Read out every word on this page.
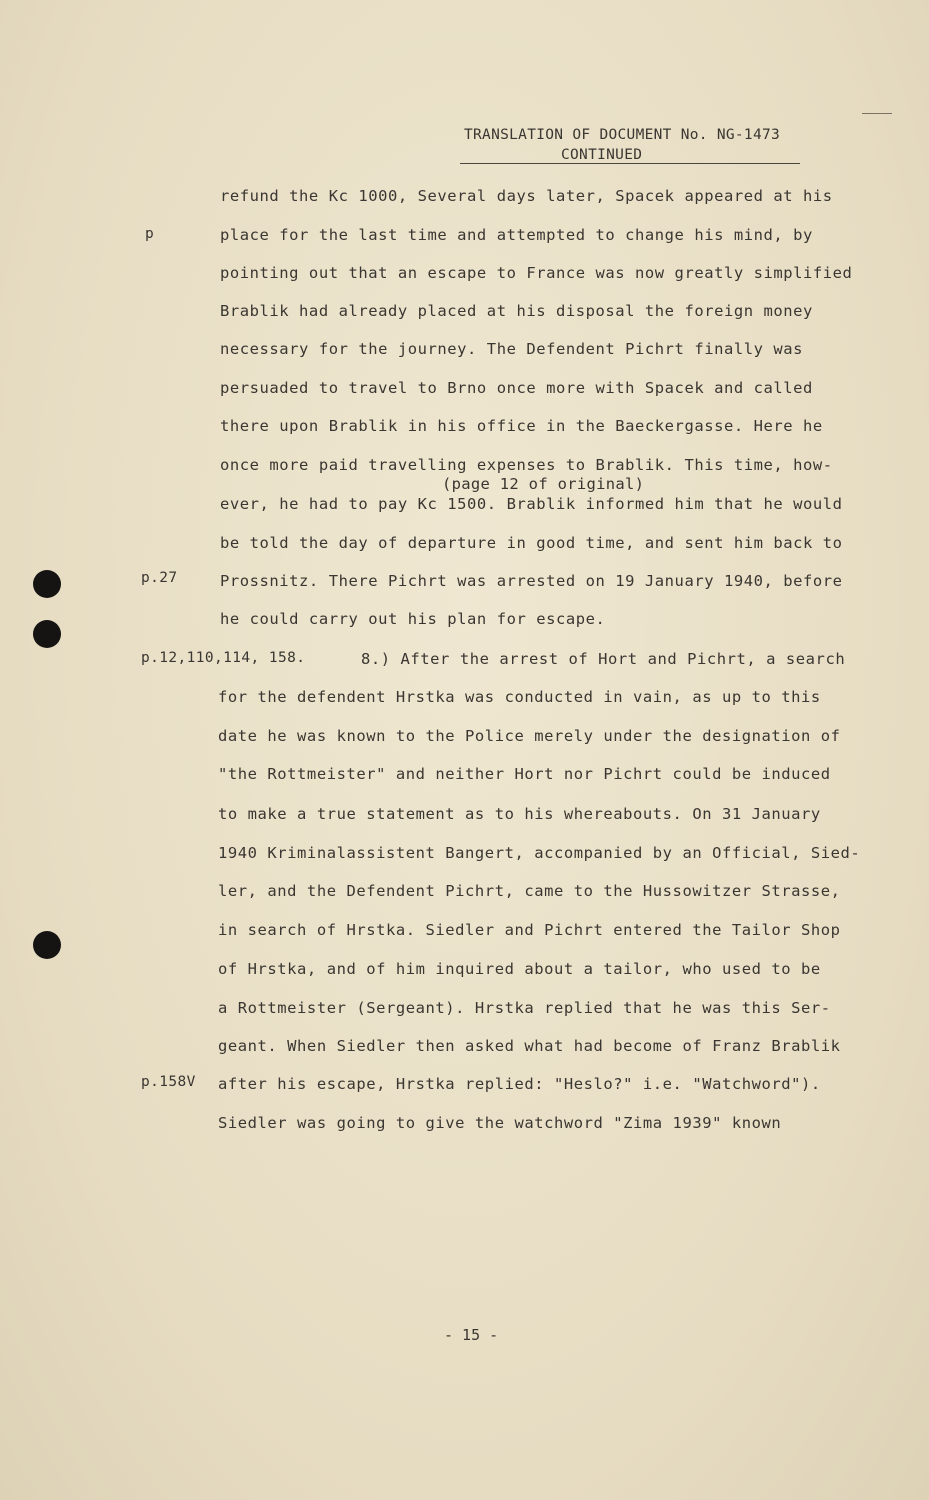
TRANSLATION OF DOCUMENT No. NG-1473
CONTINUED
p
p.27
p.12,110,114, 158.
p.158V
refund the Kc 1000, Several days later, Spacek appeared at his
place for the last time and attempted to change his mind, by
pointing out that an escape to France was now greatly simplified
Brablik had already placed at his disposal the foreign money
necessary for the journey. The Defendent Pichrt finally was
persuaded to travel to Brno once more with Spacek and called
there upon Brablik in his office in the Baeckergasse. Here he
once more paid travelling expenses to Brablik. This time, how-
(page 12 of original)
ever, he had to pay Kc 1500. Brablik informed him that he would
be told the day of departure in good time, and sent him back to
Prossnitz. There Pichrt was arrested on 19 January 1940, before
he could carry out his plan for escape.
8.) After the arrest of Hort and Pichrt, a search
for the defendent Hrstka was conducted in vain, as up to this
date he was known to the Police merely under the designation of
"the Rottmeister" and neither Hort nor Pichrt could be induced
to make a true statement as to his whereabouts. On 31 January
1940 Kriminalassistent Bangert, accompanied by an Official, Sied-
ler, and the Defendent Pichrt, came to the Hussowitzer Strasse,
in search of Hrstka. Siedler and Pichrt entered the Tailor Shop
of Hrstka, and of him inquired about a tailor, who used to be
a Rottmeister (Sergeant). Hrstka replied that he was this Ser-
geant. When Siedler then asked what had become of Franz Brablik
after his escape, Hrstka replied: "Heslo?" i.e. "Watchword").
Siedler was going to give the watchword "Zima 1939" known
- 15 -
